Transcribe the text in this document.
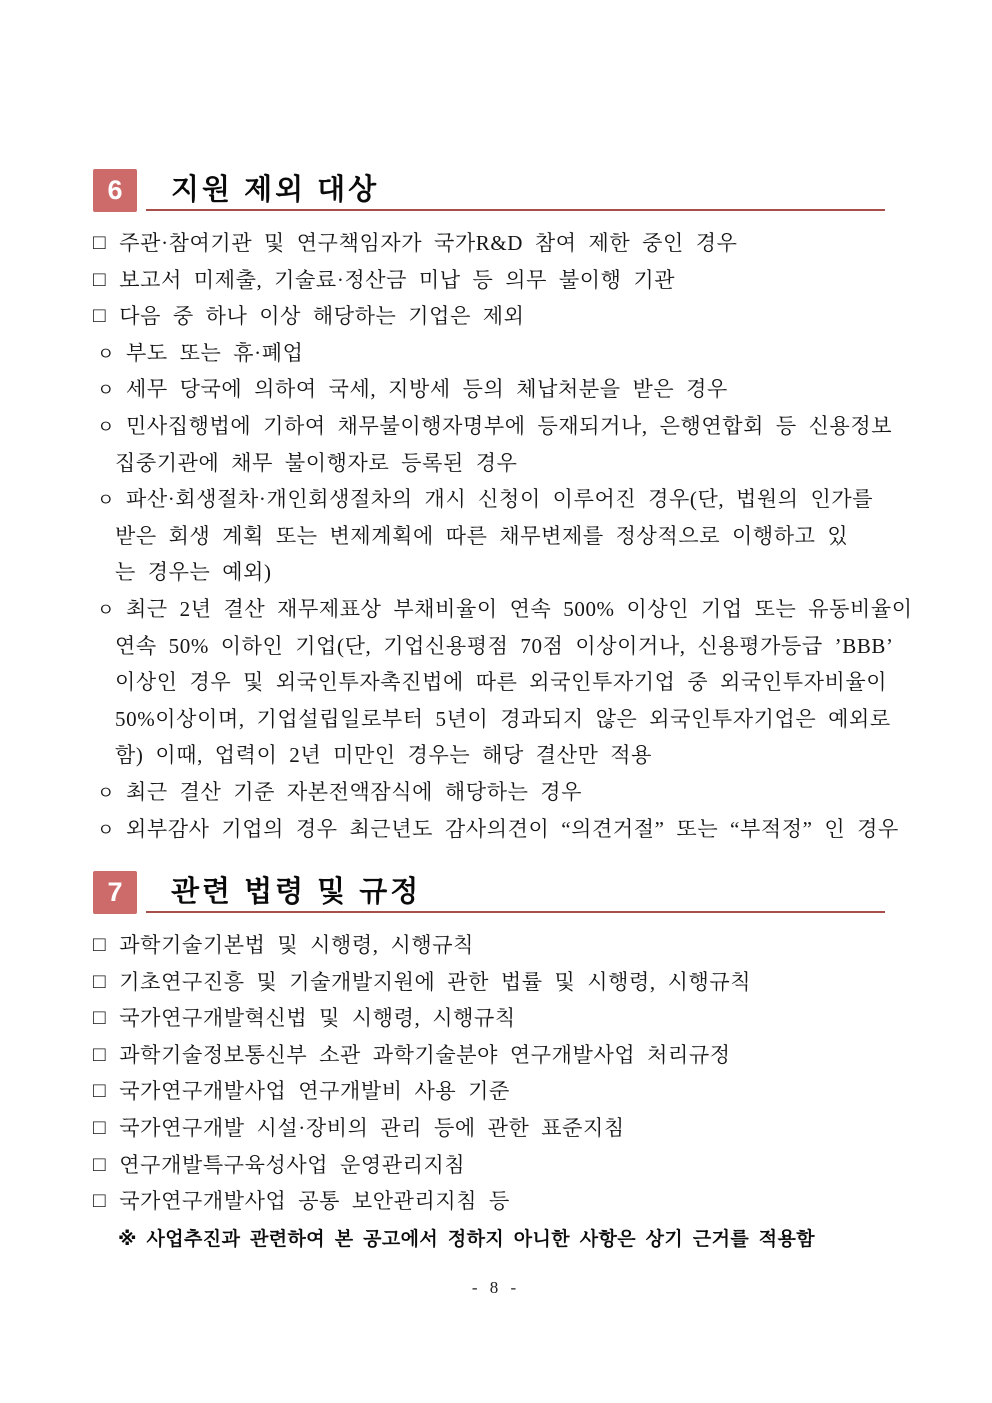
6	지원 제외 대상
□ 주관·참여기관 및 연구책임자가 국가R&D 참여 제한 중인 경우
□ 보고서 미제출, 기술료·정산금 미납 등 의무 불이행 기관
□ 다음 중 하나 이상 해당하는 기업은 제외
ㅇ 부도 또는 휴·폐업
ㅇ 세무 당국에 의하여 국세, 지방세 등의 체납처분을 받은 경우
ㅇ 민사집행법에 기하여 채무불이행자명부에 등재되거나, 은행연합회 등 신용정보
집중기관에 채무 불이행자로 등록된 경우
ㅇ 파산·회생절차·개인회생절차의 개시 신청이 이루어진 경우(단, 법원의 인가를
받은 회생 계획 또는 변제계획에 따른 채무변제를 정상적으로 이행하고 있
는 경우는 예외)
ㅇ 최근 2년 결산 재무제표상 부채비율이 연속 500% 이상인 기업 또는 유동비율이
연속 50% 이하인 기업(단, 기업신용평점 70점 이상이거나, 신용평가등급 ’BBB’
이상인 경우 및 외국인투자촉진법에 따른 외국인투자기업 중 외국인투자비율이
50%이상이며, 기업설립일로부터 5년이 경과되지 않은 외국인투자기업은 예외로
함) 이때, 업력이 2년 미만인 경우는 해당 결산만 적용
ㅇ 최근 결산 기준 자본전액잠식에 해당하는 경우
ㅇ 외부감사 기업의 경우 최근년도 감사의견이 “의견거절” 또는 “부적정” 인 경우
7	관련 법령 및 규정
□ 과학기술기본법 및 시행령, 시행규칙
□ 기초연구진흥 및 기술개발지원에 관한 법률 및 시행령, 시행규칙
□ 국가연구개발혁신법 및 시행령, 시행규칙
□ 과학기술정보통신부 소관 과학기술분야 연구개발사업 처리규정
□ 국가연구개발사업 연구개발비 사용 기준
□ 국가연구개발 시설·장비의 관리 등에 관한 표준지침
□ 연구개발특구육성사업 운영관리지침
□ 국가연구개발사업 공통 보안관리지침 등
※ 사업추진과 관련하여 본 공고에서 정하지 아니한 사항은 상기 근거를 적용함
- 8 -
